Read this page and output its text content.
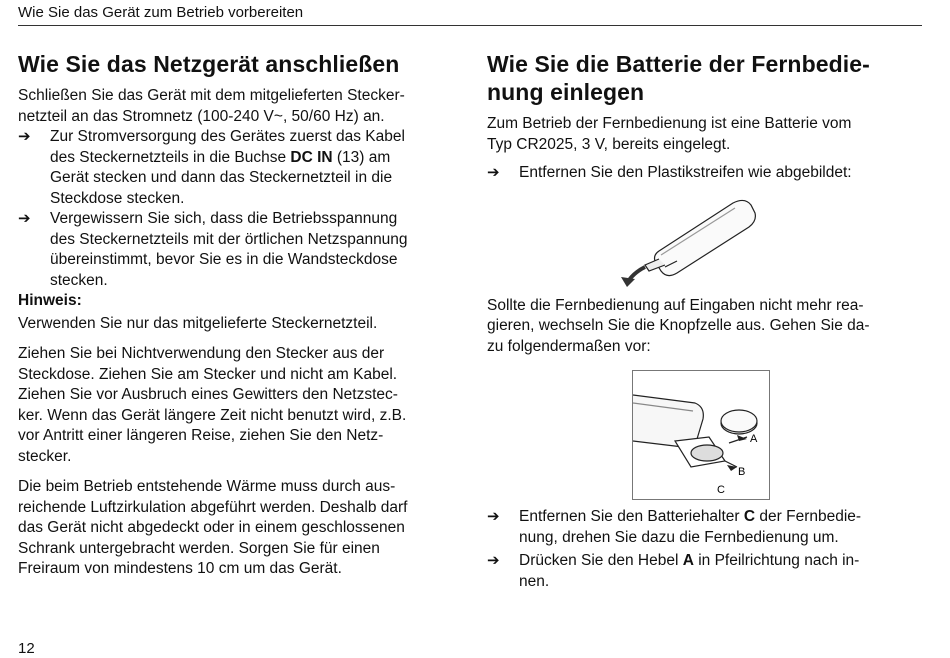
Wie Sie das Gerät zum Betrieb vorbereiten
Wie Sie das Netzgerät anschließen

Schließen Sie das Gerät mit dem mitgelieferten Stecker-
netzteil an das Stromnetz (100-240 V~, 50/60 Hz) an.

➔	Zur Stromversorgung des Gerätes zuerst das Kabel
des Steckernetzteils in die Buchse DC IN (13) am
Gerät stecken und dann das Steckernetzteil in die
Steckdose stecken.
➔	Vergewissern Sie sich, dass die Betriebsspannung
des Steckernetzteils mit der örtlichen Netzspannung
übereinstimmt, bevor Sie es in die Wandsteckdose
stecken.

Hinweis:

Verwenden Sie nur das mitgelieferte Steckernetzteil.

Ziehen Sie bei Nichtverwendung den Stecker aus der
Steckdose. Ziehen Sie am Stecker und nicht am Kabel.
Ziehen Sie vor Ausbruch eines Gewitters den Netzstec-
ker. Wenn das Gerät längere Zeit nicht benutzt wird, z.B.
vor Antritt einer längeren Reise, ziehen Sie den Netz-
stecker.

Die beim Betrieb entstehende Wärme muss durch aus-
reichende Luftzirkulation abgeführt werden. Deshalb darf
das Gerät nicht abgedeckt oder in einem geschlossenen
Schrank untergebracht werden. Sorgen Sie für einen
Freiraum von mindestens 10 cm um das Gerät.

Wie Sie die Batterie der Fernbedie-
nung einlegen

Zum Betrieb der Fernbedienung ist eine Batterie vom
Typ CR2025, 3 V, bereits eingelegt.

➔	Entfernen Sie den Plastikstreifen wie abgebildet:

Sollte die Fernbedienung auf Eingaben nicht mehr rea-
gieren, wechseln Sie die Knopfzelle aus. Gehen Sie da-
zu folgendermaßen vor:

➔	Entfernen Sie den Batteriehalter C der Fernbedie-
nung, drehen Sie dazu die Fernbedienung um.
➔	Drücken Sie den Hebel A in Pfeilrichtung nach in-
nen.
A
B
C
12
